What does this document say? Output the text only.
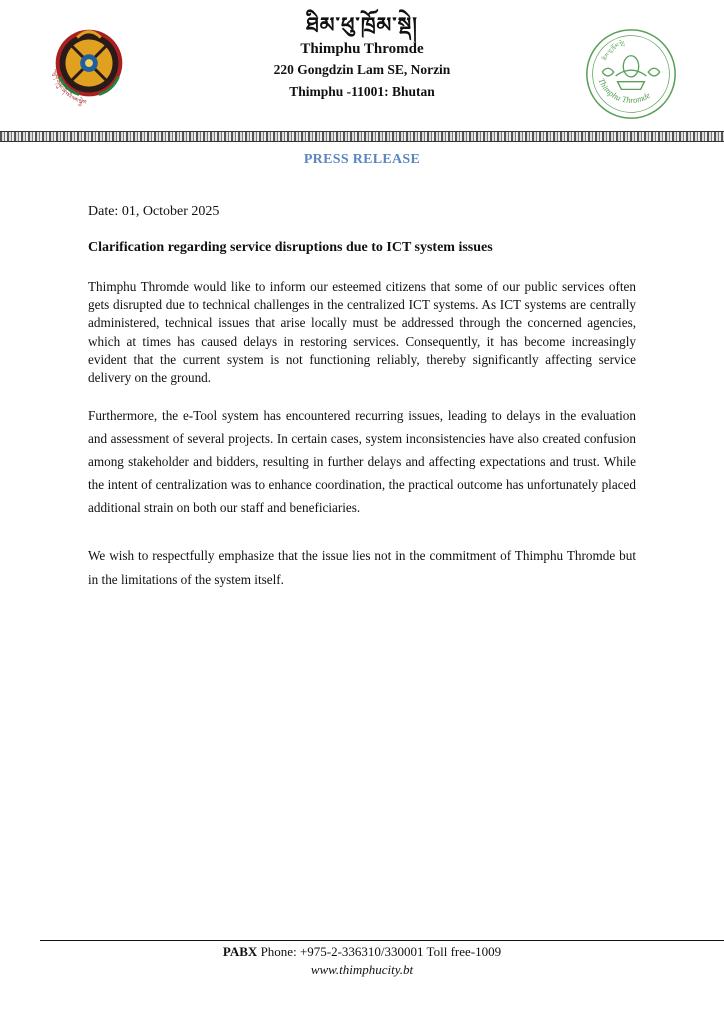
འབྲུག་གཞུང་ཞི་བའི་ལས་སྐྱེས་
ཐིམ་ཕུ་ཁྲོམ་སྡེ།
Thimphu Thromde
220 Gongdzin Lam SE, Norzin
Thimphu -11001: Bhutan
ཐིམ་ཕུ་ཁྲོམ་སྡེ།
Thimphu Thromde
PRESS RELEASE
Date: 01, October 2025
Clarification regarding service disruptions due to ICT system issues

Thimphu Thromde would like to inform our esteemed citizens that some of our public services often gets disrupted due to technical challenges in the centralized ICT systems. As ICT systems are centrally administered, technical issues that arise locally must be addressed through the concerned agencies, which at times has caused delays in restoring services. Consequently, it has become increasingly evident that the current system is not functioning reliably, thereby significantly affecting service delivery on the ground.

Furthermore, the e-Tool system has encountered recurring issues, leading to delays in the evaluation and assessment of several projects. In certain cases, system inconsistencies have also created confusion among stakeholder and bidders, resulting in further delays and affecting expectations and trust. While the intent of centralization was to enhance coordination, the practical outcome has unfortunately placed additional strain on both our staff and beneficiaries.

We wish to respectfully emphasize that the issue lies not in the commitment of Thimphu Thromde but in the limitations of the system itself.

PABX Phone: +975-2-336310/330001 Toll free-1009
www.thimphucity.bt
